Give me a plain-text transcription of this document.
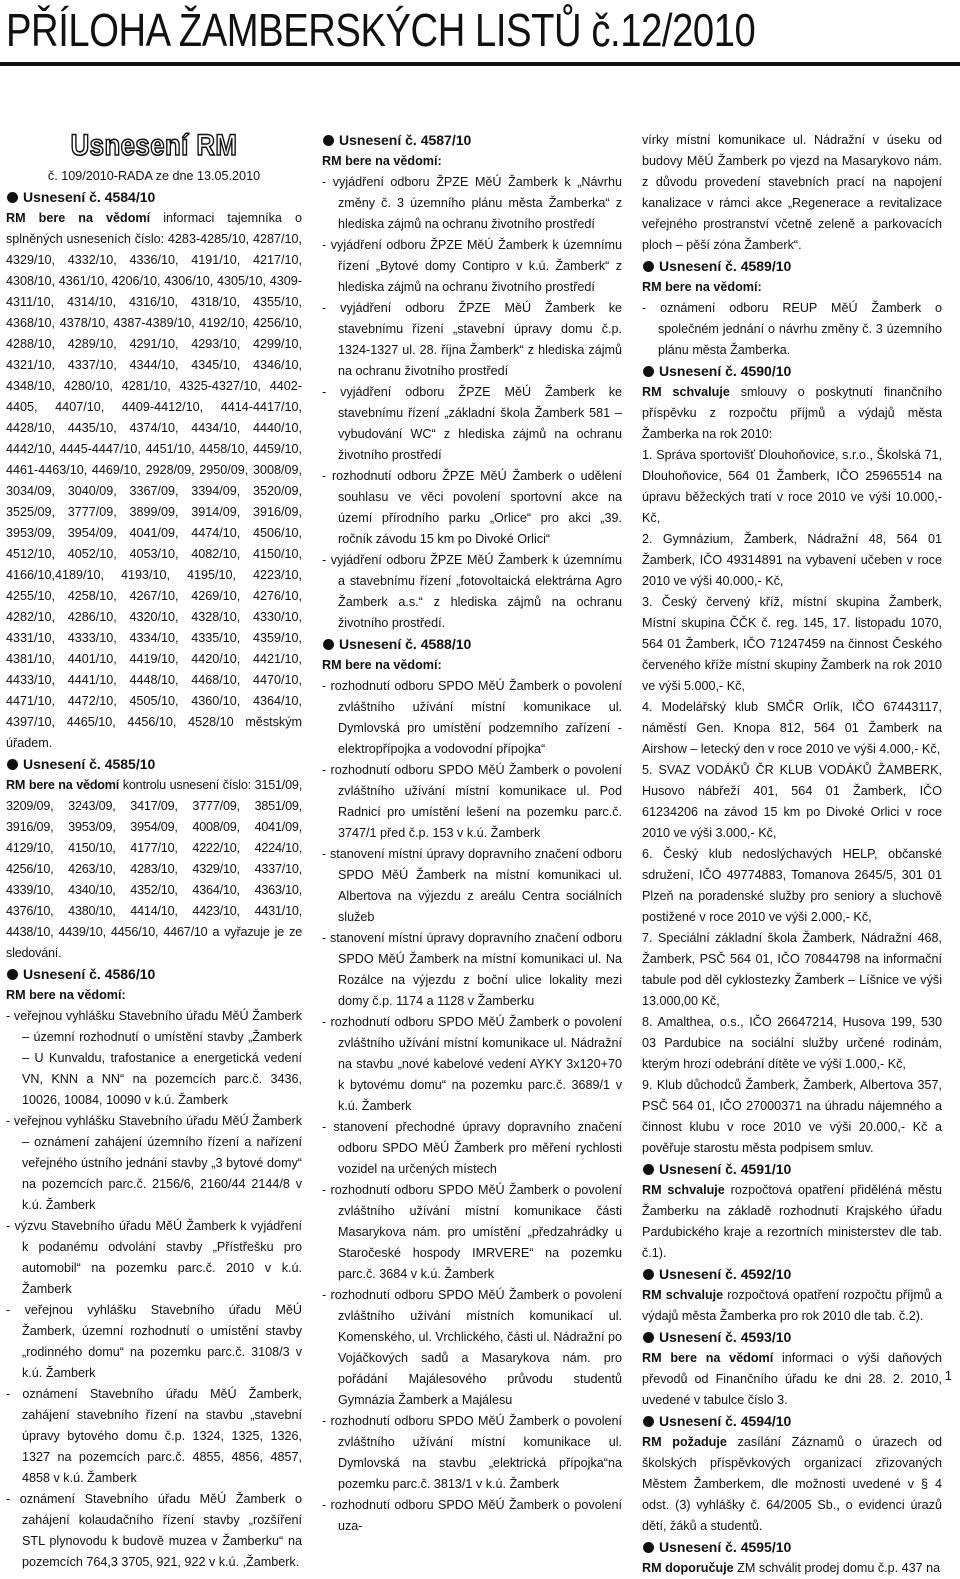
PŘÍLOHA ŽAMBERSKÝCH LISTŮ č.12/2010
Usnesení RM
č. 109/2010-RADA ze dne 13.05.2010
Usnesení č. 4584/10

RM bere na vědomí informaci tajemníka o splněných usneseních číslo: 4283-4285/10, 4287/10, 4329/10, 4332/10, 4336/10, 4191/10, 4217/10, 4308/10, 4361/10, 4206/10, 4306/10, 4305/10, 4309-4311/10, 4314/10, 4316/10, 4318/10, 4355/10, 4368/10, 4378/10, 4387-4389/10, 4192/10, 4256/10, 4288/10, 4289/10, 4291/10, 4293/10, 4299/10, 4321/10, 4337/10, 4344/10, 4345/10, 4346/10, 4348/10, 4280/10, 4281/10, 4325-4327/10, 4402-4405, 4407/10, 4409-4412/10, 4414-4417/10, 4428/10, 4435/10, 4374/10, 4434/10, 4440/10, 4442/10, 4445-4447/10, 4451/10, 4458/10, 4459/10, 4461-4463/10, 4469/10, 2928/09, 2950/09, 3008/09, 3034/09, 3040/09, 3367/09, 3394/09, 3520/09, 3525/09, 3777/09, 3899/09, 3914/09, 3916/09, 3953/09, 3954/09, 4041/09, 4474/10, 4506/10, 4512/10, 4052/10, 4053/10, 4082/10, 4150/10, 4166/10,4189/10, 4193/10, 4195/10, 4223/10, 4255/10, 4258/10, 4267/10, 4269/10, 4276/10, 4282/10, 4286/10, 4320/10, 4328/10, 4330/10, 4331/10, 4333/10, 4334/10, 4335/10, 4359/10, 4381/10, 4401/10, 4419/10, 4420/10, 4421/10, 4433/10, 4441/10, 4448/10, 4468/10, 4470/10, 4471/10, 4472/10, 4505/10, 4360/10, 4364/10, 4397/10, 4465/10, 4456/10, 4528/10 městským úřadem.

Usnesení č. 4585/10

RM bere na vědomí kontrolu usnesení číslo: 3151/09, 3209/09, 3243/09, 3417/09, 3777/09, 3851/09, 3916/09, 3953/09, 3954/09, 4008/09, 4041/09, 4129/10, 4150/10, 4177/10, 4222/10, 4224/10, 4256/10, 4263/10, 4283/10, 4329/10, 4337/10, 4339/10, 4340/10, 4352/10, 4364/10, 4363/10, 4376/10, 4380/10, 4414/10, 4423/10, 4431/10, 4438/10, 4439/10, 4456/10, 4467/10 a vyřazuje je ze sledování.

Usnesení č. 4586/10

RM bere na vědomí:

- veřejnou vyhlášku Stavebního úřadu MěÚ Žamberk – územní rozhodnutí o umístění stavby „Žamberk – U Kunvaldu, trafostanice a energetická vedení VN, KNN a NN“ na pozemcích parc.č. 3436, 10026, 10084, 10090 v k.ú. Žamberk

- veřejnou vyhlášku Stavebního úřadu MěÚ Žamberk – oznámení zahájení územního řízení a nařízení veřejného ústního jednání stavby „3 bytové domy“ na pozemcích parc.č. 2156/6, 2160/44 2144/8 v k.ú. Žamberk

- výzvu Stavebního úřadu MěÚ Žamberk k vyjádření k podanému odvolání stavby „Přístřešku pro automobil“ na pozemku parc.č. 2010 v k.ú. Žamberk

- veřejnou vyhlášku Stavebního úřadu MěÚ Žamberk, územní rozhodnutí o umístění stavby „rodinného domu“ na pozemku parc.č. 3108/3 v k.ú. Žamberk

- oznámení Stavebního úřadu MěÚ Žamberk, zahájení stavebního řízení na stavbu „stavební úpravy bytového domu č.p. 1324, 1325, 1326, 1327 na pozemcích parc.č. 4855, 4856, 4857, 4858 v k.ú. Žamberk

- oznámení Stavebního úřadu MěÚ Žamberk o zahájení kolaudačního řízení stavby „rozšíření STL plynovodu k budově muzea v Žamberku“ na pozemcích 764,3 3705, 921, 922 v k.ú. ,Žamberk.

Usnesení č. 4587/10

RM bere na vědomí:

- vyjádření odboru ŽPZE MěÚ Žamberk k „Návrhu změny č. 3 územního plánu města Žamberka“ z hlediska zájmů na ochranu životního prostředí

- vyjádření odboru ŽPZE MěÚ Žamberk k územnímu řízení „Bytové domy Contipro v k.ú. Žamberk“ z hlediska zájmů na ochranu životního prostředí

- vyjádření odboru ŽPZE MěÚ Žamberk ke stavebnímu řízení „stavební úpravy domu č.p. 1324-1327 ul. 28. října Žamberk“ z hlediska zájmů na ochranu životního prostředí

- vyjádření odboru ŽPZE MěÚ Žamberk ke stavebnímu řízení „základní škola Žamberk 581 – vybudování WC“ z hlediska zájmů na ochranu životního prostředí

- rozhodnutí odboru ŽPZE MěÚ Žamberk o udělení souhlasu ve věci povolení sportovní akce na území přírodního parku „Orlice“ pro akci „39. ročník závodu 15 km po Divoké Orlici“

- vyjádření odboru ŽPZE MěÚ Žamberk k územnímu a stavebnímu řízení „fotovoltaická elektrárna Agro Žamberk a.s.“ z hlediska zájmů na ochranu životního prostředí.

Usnesení č. 4588/10

RM bere na vědomí:

- rozhodnutí odboru SPDO MěÚ Žamberk o povolení zvláštního užívání místní komunikace ul. Dymlovská pro umístění podzemního zařízení - elektropřípojka a vodovodní přípojka“

- rozhodnutí odboru SPDO MěÚ Žamberk o povolení zvláštního užívání místní komunikace ul. Pod Radnicí pro umístění lešení na pozemku parc.č. 3747/1 před č.p. 153 v k.ú. Žamberk

- stanovení místní úpravy dopravního značení odboru SPDO MěÚ Žamberk na místní komunikaci ul. Albertova na výjezdu z areálu Centra sociálních služeb

- stanovení místní úpravy dopravního značení odboru SPDO MěÚ Žamberk na místní komunikaci ul. Na Rozálce na výjezdu z boční ulice lokality mezi domy č.p. 1174 a 1128 v Žamberku

- rozhodnutí odboru SPDO MěÚ Žamberk o povolení zvláštního užívání místní komunikace ul. Nádražní na stavbu „nové kabelové vedení AYKY 3x120+70 k bytovému domu“ na pozemku parc.č. 3689/1 v k.ú. Žamberk

- stanovení přechodné úpravy dopravního značení odboru SPDO MěÚ Žamberk pro měření rychlosti vozidel na určených místech

- rozhodnutí odboru SPDO MěÚ Žamberk o povolení zvláštního užívání místní komunikace části Masarykova nám. pro umístění „předzahrádky u Staročeské hospody IMRVERE“ na pozemku parc.č. 3684 v k.ú. Žamberk

- rozhodnutí odboru SPDO MěÚ Žamberk o povolení zvláštního užívání místních komunikací ul. Komenského, ul. Vrchlického, části ul. Nádražní po Vojáčkových sadů a Masarykova nám. pro pořádání Majálesového průvodu studentů Gymnázia Žamberk a Majálesu

- rozhodnutí odboru SPDO MěÚ Žamberk o povolení zvláštního užívání místní komunikace ul. Dymlovská na stavbu „elektrická přípojka“na pozemku parc.č. 3813/1 v k.ú. Žamberk

- rozhodnutí odboru SPDO MěÚ Žamberk o povolení uza-

vírky místní komunikace ul. Nádražní v úseku od budovy MěÚ Žamberk po vjezd na Masarykovo nám. z důvodu provedení stavebních prací na napojení kanalizace v rámci akce „Regenerace a revitalizace veřejného prostranství včetně zeleně a parkovacích ploch – pěší zóna Žamberk“.

Usnesení č. 4589/10

RM bere na vědomí:

- oznámení odboru REUP MěÚ Žamberk o společném jednání o návrhu změny č. 3 územního plánu města Žamberka.

Usnesení č. 4590/10

RM schvaluje smlouvy o poskytnutí finančního příspěvku z rozpočtu příjmů a výdajů města Žamberka na rok 2010:

1. Správa sportovišť Dlouhoňovice, s.r.o., Školská 71, Dlouhoňovice, 564 01 Žamberk, IČO 25965514 na úpravu běžeckých tratí v roce 2010 ve výši 10.000,- Kč,

2. Gymnázium, Žamberk, Nádražní 48, 564 01 Žamberk, IČO 49314891 na vybavení učeben v roce 2010 ve výši 40.000,- Kč,

3. Český červený kříž, místní skupina Žamberk, Místní skupina ČČK č. reg. 145, 17. listopadu 1070, 564 01 Žamberk, IČO 71247459 na činnost Českého červeného kříže místní skupiny Žamberk na rok 2010 ve výši 5.000,- Kč,

4. Modelářský klub SMČR Orlík, IČO 67443117, náměstí Gen. Knopa 812, 564 01 Žamberk na Airshow – letecký den v roce 2010 ve výši 4.000,- Kč,

5. SVAZ VODÁKŮ ČR KLUB VODÁKŮ ŽAMBERK, Husovo nábřeží 401, 564 01 Žamberk, IČO 61234206 na závod 15 km po Divoké Orlici v roce 2010 ve výši 3.000,- Kč,

6. Český klub nedoslýchavých HELP, občanské sdružení, IČO 49774883, Tomanova 2645/5, 301 01 Plzeň na poradenské služby pro seniory a sluchově postižené v roce 2010 ve výši 2.000,- Kč,

7. Speciální základní škola Žamberk, Nádražní 468, Žamberk, PSČ 564 01, IČO 70844798 na informační tabule pod děl cyklostezky Žamberk – Líšnice ve výši 13.000,00 Kč,

8. Amalthea, o.s., IČO 26647214, Husova 199, 530 03 Pardubice na sociální služby určené rodinám, kterým hrozí odebrání dítěte ve výši 1.000,- Kč,

9. Klub důchodců Žamberk, Žamberk, Albertova 357, PSČ 564 01, IČO 27000371 na úhradu nájemného a činnost klubu v roce 2010 ve výši 20.000,- Kč a pověřuje starostu města podpisem smluv.

Usnesení č. 4591/10

RM schvaluje rozpočtová opatření přiděléná městu Žamberku na základě rozhodnutí Krajského úřadu Pardubického kraje a rezortních ministerstev dle tab. č.1).

Usnesení č. 4592/10

RM schvaluje rozpočtová opatření rozpočtu příjmů a výdajů města Žamberka pro rok 2010 dle tab. č.2).

Usnesení č. 4593/10

RM bere na vědomí informaci o výši daňových převodů od Finančního úřadu ke dni 28. 2. 2010, uvedené v tabulce číslo 3.

Usnesení č. 4594/10

RM požaduje zasílání Záznamů o úrazech od školských příspěvkových organizací zřizovaných Městem Žamberkem, dle možnosti uvedené v § 4 odst. (3) vyhlášky č. 64/2005 Sb., o evidenci úrazů dětí, žáků a studentů.

Usnesení č. 4595/10

RM doporučuje ZM schválit prodej domu č.p. 437 na

1
